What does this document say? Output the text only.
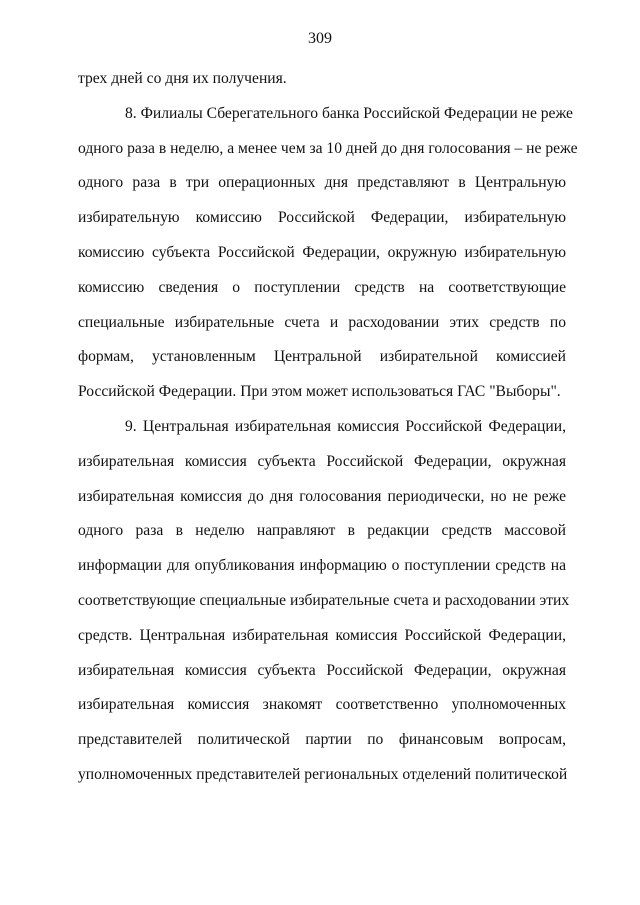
309
трех дней со дня их получения.
8. Филиалы Сберегательного банка Российской Федерации не реже
одного раза в неделю, а менее чем за 10 дней до дня голосования – не реже
одного раза в три операционных дня представляют в Центральную
избирательную комиссию Российской Федерации, избирательную
комиссию субъекта Российской Федерации, окружную избирательную
комиссию сведения о поступлении средств на соответствующие
специальные избирательные счета и расходовании этих средств по
формам, установленным Центральной избирательной комиссией
Российской Федерации. При этом может использоваться ГАС "Выборы".
9. Центральная избирательная комиссия Российской Федерации,
избирательная комиссия субъекта Российской Федерации, окружная
избирательная комиссия до дня голосования периодически, но не реже
одного раза в неделю направляют в редакции средств массовой
информации для опубликования информацию о поступлении средств на
соответствующие специальные избирательные счета и расходовании этих
средств. Центральная избирательная комиссия Российской Федерации,
избирательная комиссия субъекта Российской Федерации, окружная
избирательная комиссия знакомят соответственно уполномоченных
представителей политической партии по финансовым вопросам,
уполномоченных представителей региональных отделений политической
